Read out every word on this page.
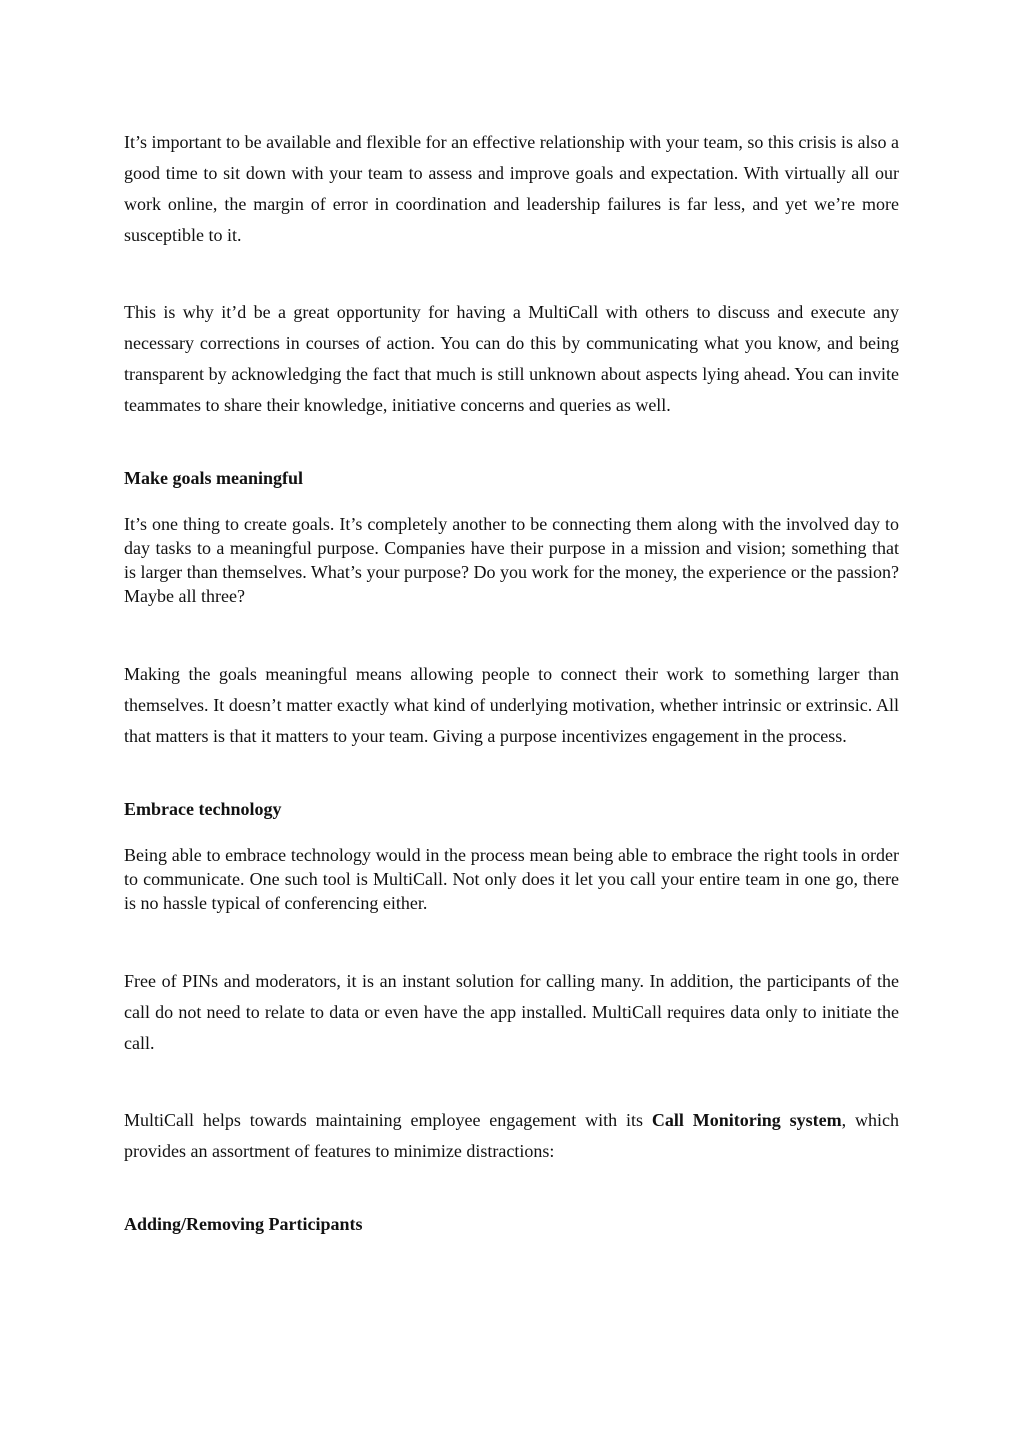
It’s important to be available and flexible for an effective relationship with your team, so this crisis is also a good time to sit down with your team to assess and improve goals and expectation. With virtually all our work online, the margin of error in coordination and leadership failures is far less, and yet we’re more susceptible to it.

This is why it’d be a great opportunity for having a MultiCall with others to discuss and execute any necessary corrections in courses of action. You can do this by communicating what you know, and being transparent by acknowledging the fact that much is still unknown about aspects lying ahead. You can invite teammates to share their knowledge, initiative concerns and queries as well.

Make goals meaningful

It’s one thing to create goals. It’s completely another to be connecting them along with the involved day to day tasks to a meaningful purpose. Companies have their purpose in a mission and vision; something that is larger than themselves. What’s your purpose? Do you work for the money, the experience or the passion? Maybe all three?

Making the goals meaningful means allowing people to connect their work to something larger than themselves. It doesn’t matter exactly what kind of underlying motivation, whether intrinsic or extrinsic. All that matters is that it matters to your team. Giving a purpose incentivizes engagement in the process.

Embrace technology

Being able to embrace technology would in the process mean being able to embrace the right tools in order to communicate. One such tool is MultiCall. Not only does it let you call your entire team in one go, there is no hassle typical of conferencing either.

Free of PINs and moderators, it is an instant solution for calling many. In addition, the participants of the call do not need to relate to data or even have the app installed. MultiCall requires data only to initiate the call.

MultiCall helps towards maintaining employee engagement with its Call Monitoring system, which provides an assortment of features to minimize distractions:

Adding/Removing Participants
